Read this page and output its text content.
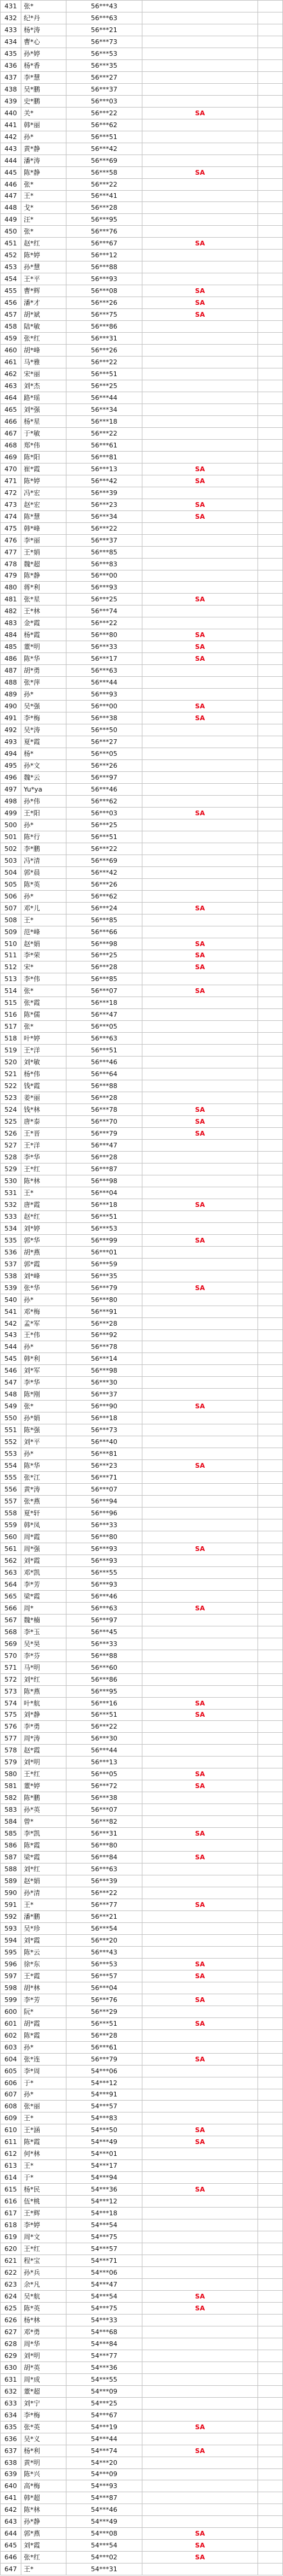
431	张*	56***43
432	纪*丹	56***63
433	杨*涛	56***21
434	曹*心	56***73
435	孙*婷	56***53
436	杨*香	56***35
437	李*慧	56***27
438	吴*鹏	56***37
439	史*鹏	56***03
440	关*	56***22	SA
441	韩*丽	56***62
442	孙*	56***51
443	黄*静	56***42
444	潘*涛	56***69
445	陈*静	56***58	SA
446	张*	56***22
447	王*	56***41
448	戈*	56***28
449	汪*	56***95
450	张*	56***76
451	赵*红	56***67	SA
452	陈*婷	56***12
453	孙*慧	56***88
454	王*平	56***93
455	曹*辉	56***08	SA
456	潘*才	56***26	SA
457	胡*斌	56***75	SA
458	陆*敏	56***86
459	张*红	56***31
460	胡*峰	56***26
461	马*雅	56***22
462	宋*丽	56***51
463	刘*杰	56***25
464	路*瑶	56***44
465	刘*强	56***34
466	杨*星	56***18
467	于*敏	56***22
468	郑*伟	56***61
469	陈*阳	56***81
470	崔*霞	56***13	SA
471	陈*婷	56***42	SA
472	冯*宏	56***39
473	赵*宏	56***23	SA
474	陈*慧	56***34	SA
475	韩*峰	56***22
476	李*丽	56***37
477	王*娟	56***85
478	魏*超	56***83
479	陈*静	56***00
480	蒋*利	56***93
481	张*星	56***25	SA
482	王*林	56***74
483	金*霞	56***22
484	杨*霞	56***80	SA
485	董*明	56***33	SA
486	陈*华	56***17	SA
487	胡*勇	56***63
488	张*萍	56***44
489	孙*	56***93
490	吴*强	56***00	SA
491	李*梅	56***38	SA
492	吴*涛	56***50
493	夏*霞	56***27
494	杨*	56***05
495	孙*文	56***26
496	魏*云	56***97
497	Yu*ya	56***46
498	孙*伟	56***62
499	王*阳	56***03	SA
500	孙*	56***25
501	陈*行	56***51
502	李*鹏	56***22
503	冯*清	56***69
504	郭*晨	56***42
505	陈*英	56***26
506	孙*	56***62
507	邓*儿	56***24	SA
508	王*	56***85
509	范*峰	56***66
510	赵*娟	56***98	SA
511	李*荣	56***25	SA
512	宋*	56***28	SA
513	李*伟	56***85
514	张*	56***07	SA
515	张*霞	56***18
516	陈*儒	56***47
517	张*	56***05
518	叶*婷	56***63
519	王*洋	56***51
520	刘*敏	56***46
521	杨*伟	56***64
522	钱*霞	56***88
523	姜*丽	56***28
524	钱*林	56***78	SA
525	唐*泰	56***70	SA
526	王*晋	56***79	SA
527	王*洋	56***47
528	李*华	56***28
529	王*红	56***87
530	陈*林	56***98
531	王*	56***04
532	唐*霞	56***18	SA
533	赵*红	56***51
534	刘*婷	56***53
535	郭*华	56***99	SA
536	胡*燕	56***01
537	郭*霞	56***59
538	刘*峰	56***35
539	张*华	56***79	SA
540	孙*	56***80
541	邓*梅	56***91
542	孟*军	56***28
543	王*伟	56***92
544	孙*	56***78
545	韩*利	56***14
546	刘*军	56***98
547	李*华	56***30
548	陈*刚	56***37
549	张*	56***90	SA
550	孙*娟	56***18
551	陈*强	56***73
552	刘*平	56***40
553	孙*	56***81
554	陈*华	56***23	SA
555	张*江	56***71
556	黄*涛	56***07
557	张*燕	56***94
558	夏*轩	56***96
559	韩*凤	56***33
560	周*霞	56***80
561	周*强	56***93	SA
562	刘*霞	56***93
563	邓*凯	56***55
564	李*芳	56***93
565	梁*霞	56***46
566	周*	56***63	SA
567	魏*楠	56***97
568	李*玉	56***45
569	吴*昊	56***33
570	李*芬	56***88
571	马*明	56***60
572	刘*红	56***86
573	陈*燕	56***95
574	叶*航	56***16	SA
575	刘*静	56***51	SA
576	李*勇	56***22
577	周*涛	56***30
578	赵*霞	56***44
579	刘*明	56***13
580	王*红	56***05	SA
581	董*婷	56***72	SA
582	陈*鹏	56***38
583	孙*英	56***07
584	曾*	56***82
585	李*凯	56***31	SA
586	陈*霞	56***80
587	梁*霞	56***84	SA
588	刘*红	56***63
589	赵*娟	56***39
590	孙*清	56***22
591	王*	56***77	SA
592	潘*鹏	56***21
593	吴*珍	56***54
594	刘*霞	56***20
595	陈*云	56***43
596	徐*东	56***53	SA
597	王*霞	56***57	SA
598	胡*林	56***04
599	李*芳	56***76	SA
600	阮*	56***29
601	胡*霞	56***51	SA
602	陈*霞	56***28
603	孙*	56***61
604	张*连	56***79	SA
605	李*周	54***06
606	于*	54***12
607	孙*	54***91
608	张*丽	54***57
609	王*	54***83
610	王*涵	54***50	SA
611	陈*霞	54***49	SA
612	何*林	54***01
613	王*	54***17
614	于*	54***94
615	杨*民	54***36	SA
616	伍*桃	54***12
617	王*辉	54***18
618	李*婷	54***54
619	周*文	54***75
620	王*红	54***57
621	程*宝	54***71
622	孙*兵	54***06
623	余*凡	54***47
624	吴*航	54***54	SA
625	陈*英	54***75	SA
626	杨*林	54***33
627	邓*勇	54***68
628	周*华	54***84
629	刘*明	54***77
630	胡*英	54***36
631	周*成	54***55
632	董*超	54***09
633	刘*宁	54***25
634	李*梅	54***67
635	张*英	54***19	SA
636	吴*义	54***44
637	杨*利	54***74	SA
638	黄*明	54***20
639	陈*兴	54***09
640	高*梅	54***93
641	韩*超	54***87
642	陈*林	54***46
643	孙*静	54***49
644	郭*燕	54***08	SA
645	刘*霞	54***54	SA
646	张*红	54***02	SA
647	王*	54***31
